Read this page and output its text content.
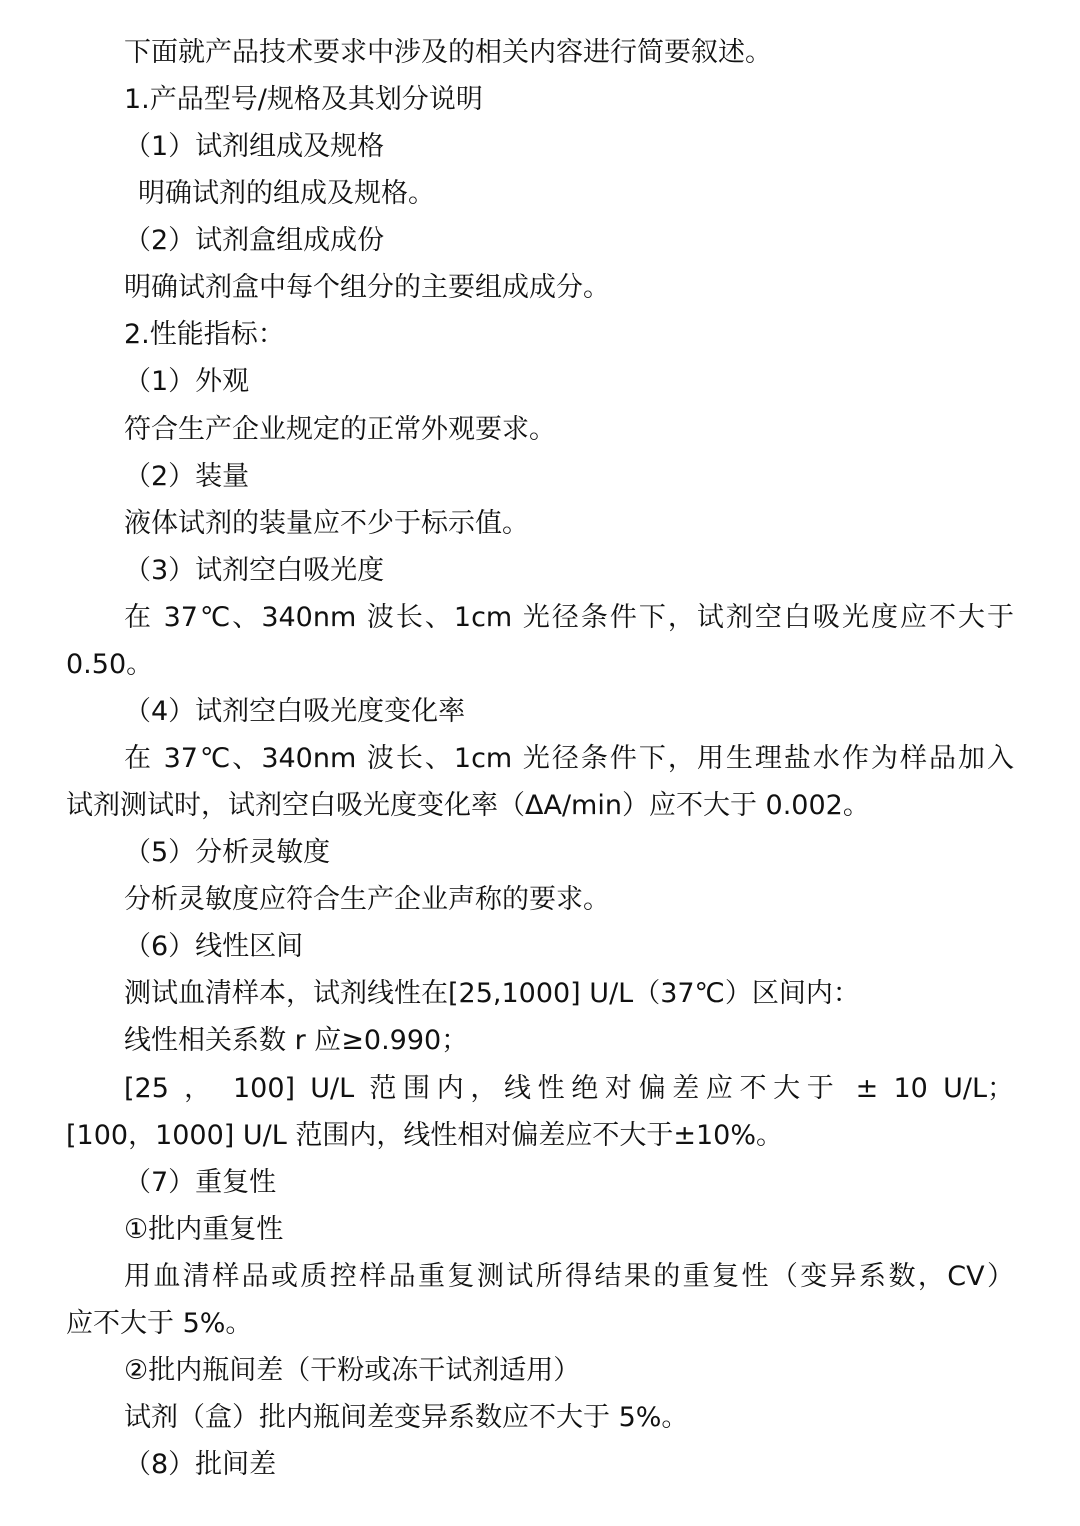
下面就产品技术要求中涉及的相关内容进行简要叙述。
1.产品型号/规格及其划分说明
（1）试剂组成及规格
明确试剂的组成及规格。
（2）试剂盒组成成份
明确试剂盒中每个组分的主要组成成分。
2.性能指标：
（1）外观
符合生产企业规定的正常外观要求。
（2）装量
液体试剂的装量应不少于标示值。
（3）试剂空白吸光度
在 37℃、340nm 波长、1cm 光径条件下，试剂空白吸光度应不大于
0.50。
（4）试剂空白吸光度变化率
在 37℃、340nm 波长、1cm 光径条件下，用生理盐水作为样品加入
试剂测试时，试剂空白吸光度变化率（ΔA/min）应不大于 0.002。
（5）分析灵敏度
分析灵敏度应符合生产企业声称的要求。
（6）线性区间
测试血清样本，试剂线性在[25,1000] U/L（37℃）区间内：
线性相关系数 r 应≥0.990；
[25 ， 100] U/L 范围内，线性绝对偏差应不大于 ± 10 U/L；
[100，1000] U/L 范围内，线性相对偏差应不大于±10%。
（7）重复性
①批内重复性
用血清样品或质控样品重复测试所得结果的重复性（变异系数，CV）
应不大于 5%。
②批内瓶间差（干粉或冻干试剂适用）
试剂（盒）批内瓶间差变异系数应不大于 5%。
（8）批间差
